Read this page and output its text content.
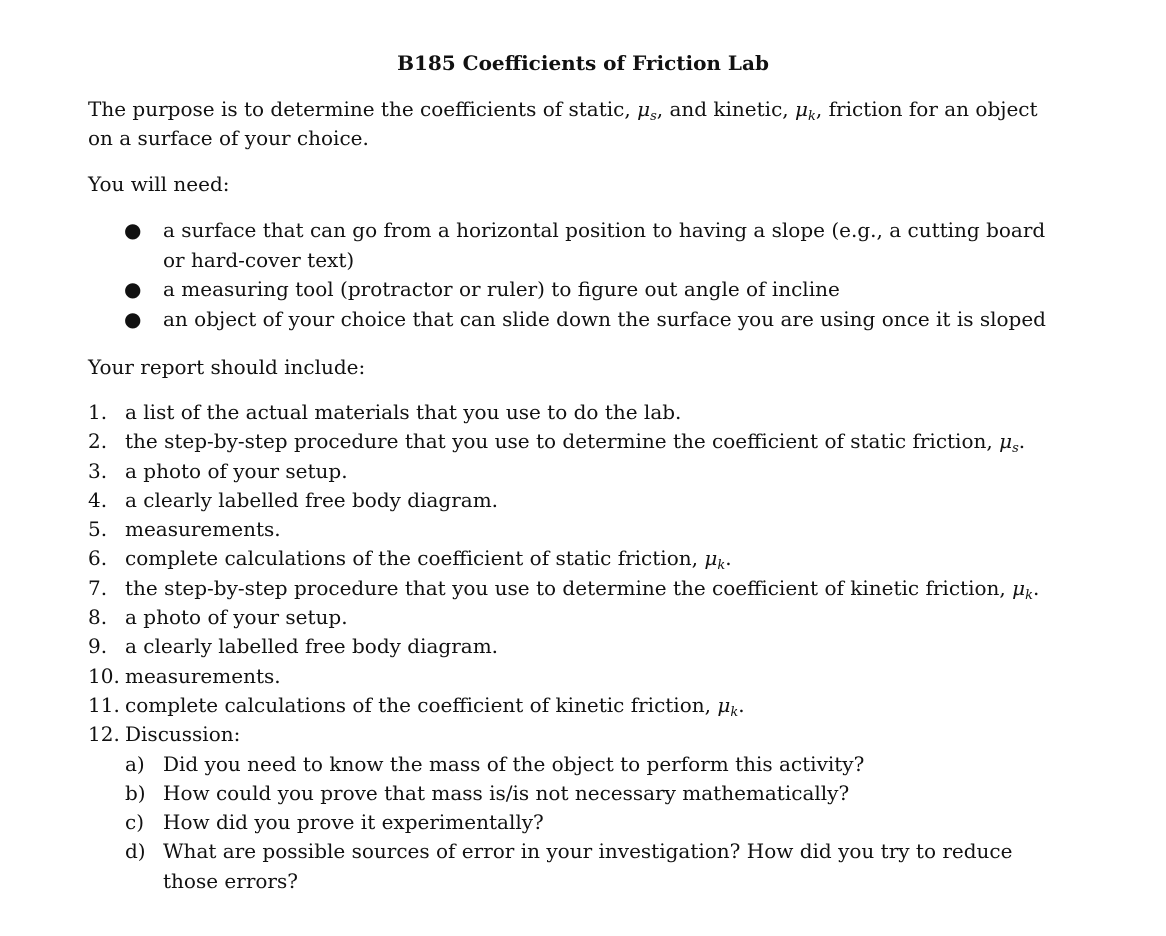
B185 Coefficients of Friction Lab
The purpose is to determine the coefficients of static, $\mu_s$, and kinetic, $\mu_k$, friction for an object on a surface of your choice.
You will need:
● a surface that can go from a horizontal position to having a slope (e.g., a cutting board or hard-cover text)
● a measuring tool (protractor or ruler) to figure out angle of incline
● an object of your choice that can slide down the surface you are using once it is sloped
Your report should include:
1. a list of the actual materials that you use to do the lab.
2. the step-by-step procedure that you use to determine the coefficient of static friction, $\mu_s$.
3. a photo of your setup.
4. a clearly labelled free body diagram.
5. measurements.
6. complete calculations of the coefficient of static friction, $\mu_k$.
7. the step-by-step procedure that you use to determine the coefficient of kinetic friction, $\mu_k$.
8. a photo of your setup.
9. a clearly labelled free body diagram.
10. measurements.
11. complete calculations of the coefficient of kinetic friction, $\mu_k$.
12. Discussion:
a) Did you need to know the mass of the object to perform this activity?
b) How could you prove that mass is/is not necessary mathematically?
c) How did you prove it experimentally?
d) What are possible sources of error in your investigation? How did you try to reduce those errors?
